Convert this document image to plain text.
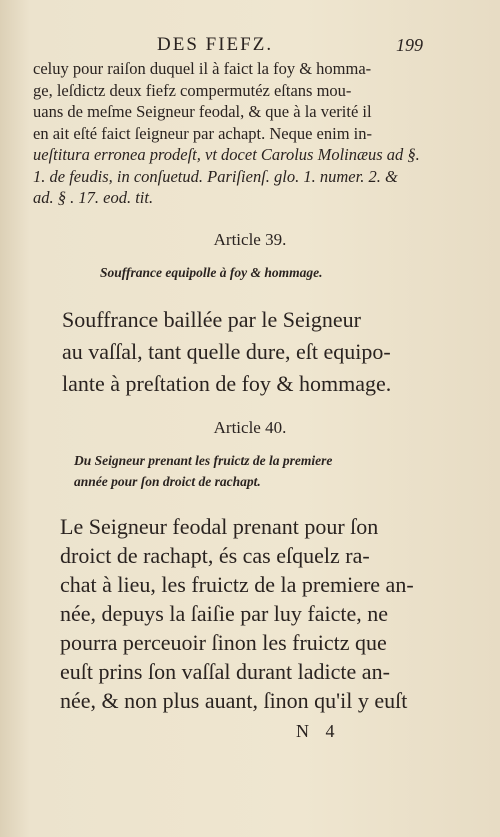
DES FIEFZ.	199
celuy pour raiſon duquel il à faict la foy & homma-
ge, leſdictz deux fiefz compermutéz eſtans mou-
uans de meſme Seigneur feodal, & que à la verité il
en ait eſté faict ſeigneur par achapt. Neque enim in-
ueſtitura erronea prodeſt, vt docet Carolus Molinæus ad §.
1. de feudis, in conſuetud. Pariſienſ. glo. 1. numer. 2. &
ad. § . 17. eod. tit.
Article 39.
Souffrance equipolle à foy & hommage.
Souffrance baillée par le Seigneur
au vaſſal, tant quelle dure, eſt equipo-
lante à preſtation de foy & hommage.
Article 40.
Du Seigneur prenant les fruictz de la premiere
année pour ſon droict de rachapt.
Le Seigneur feodal prenant pour ſon
droict de rachapt, és cas eſquelz ra-
chat à lieu, les fruictz de la premiere an-
née, depuys la ſaiſie par luy faicte, ne
pourra perceuoir ſinon les fruictz que
euſt prins ſon vaſſal durant ladicte an-
née, & non plus auant, ſinon qu'il y euſt
N 4
